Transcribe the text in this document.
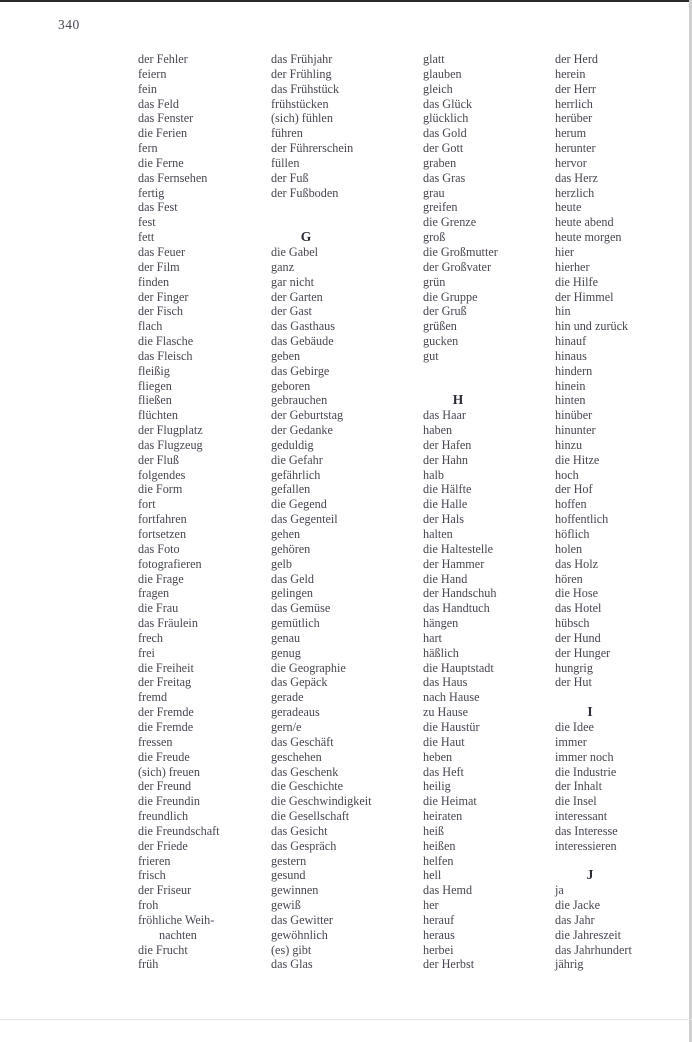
340
der Fehler
feiern
fein
das Feld
das Fenster
die Ferien
fern
die Ferne
das Fernsehen
fertig
das Fest
fest
fett
das Feuer
der Film
finden
der Finger
der Fisch
flach
die Flasche
das Fleisch
fleißig
fliegen
fließen
flüchten
der Flugplatz
das Flugzeug
der Fluß
folgendes
die Form
fort
fortfahren
fortsetzen
das Foto
fotografieren
die Frage
fragen
die Frau
das Fräulein
frech
frei
die Freiheit
der Freitag
fremd
der Fremde
die Fremde
fressen
die Freude
(sich) freuen
der Freund
die Freundin
freundlich
die Freundschaft
der Friede
frieren
frisch
der Friseur
froh
fröhliche Weih-
nachten
die Frucht
früh
das Frühjahr
der Frühling
das Frühstück
frühstücken
(sich) fühlen
führen
der Führerschein
füllen
der Fuß
der Fußboden
G
die Gabel
ganz
gar nicht
der Garten
der Gast
das Gasthaus
das Gebäude
geben
das Gebirge
geboren
gebrauchen
der Geburtstag
der Gedanke
geduldig
die Gefahr
gefährlich
gefallen
die Gegend
das Gegenteil
gehen
gehören
gelb
das Geld
gelingen
das Gemüse
gemütlich
genau
genug
die Geographie
das Gepäck
gerade
geradeaus
gern/e
das Geschäft
geschehen
das Geschenk
die Geschichte
die Geschwindigkeit
die Gesellschaft
das Gesicht
das Gespräch
gestern
gesund
gewinnen
gewiß
das Gewitter
gewöhnlich
(es) gibt
das Glas
glatt
glauben
gleich
das Glück
glücklich
das Gold
der Gott
graben
das Gras
grau
greifen
die Grenze
groß
die Großmutter
der Großvater
grün
die Gruppe
der Gruß
grüßen
gucken
gut
H
das Haar
haben
der Hafen
der Hahn
halb
die Hälfte
die Halle
der Hals
halten
die Haltestelle
der Hammer
die Hand
der Handschuh
das Handtuch
hängen
hart
häßlich
die Hauptstadt
das Haus
nach Hause
zu Hause
die Haustür
die Haut
heben
das Heft
heilig
die Heimat
heiraten
heiß
heißen
helfen
hell
das Hemd
her
herauf
heraus
herbei
der Herbst
der Herd
herein
der Herr
herrlich
herüber
herum
herunter
hervor
das Herz
herzlich
heute
heute abend
heute morgen
hier
hierher
die Hilfe
der Himmel
hin
hin und zurück
hinauf
hinaus
hindern
hinein
hinten
hinüber
hinunter
hinzu
die Hitze
hoch
der Hof
hoffen
hoffentlich
höflich
holen
das Holz
hören
die Hose
das Hotel
hübsch
der Hund
der Hunger
hungrig
der Hut
I
die Idee
immer
immer noch
die Industrie
der Inhalt
die Insel
interessant
das Interesse
interessieren
J
ja
die Jacke
das Jahr
die Jahreszeit
das Jahrhundert
jährig
